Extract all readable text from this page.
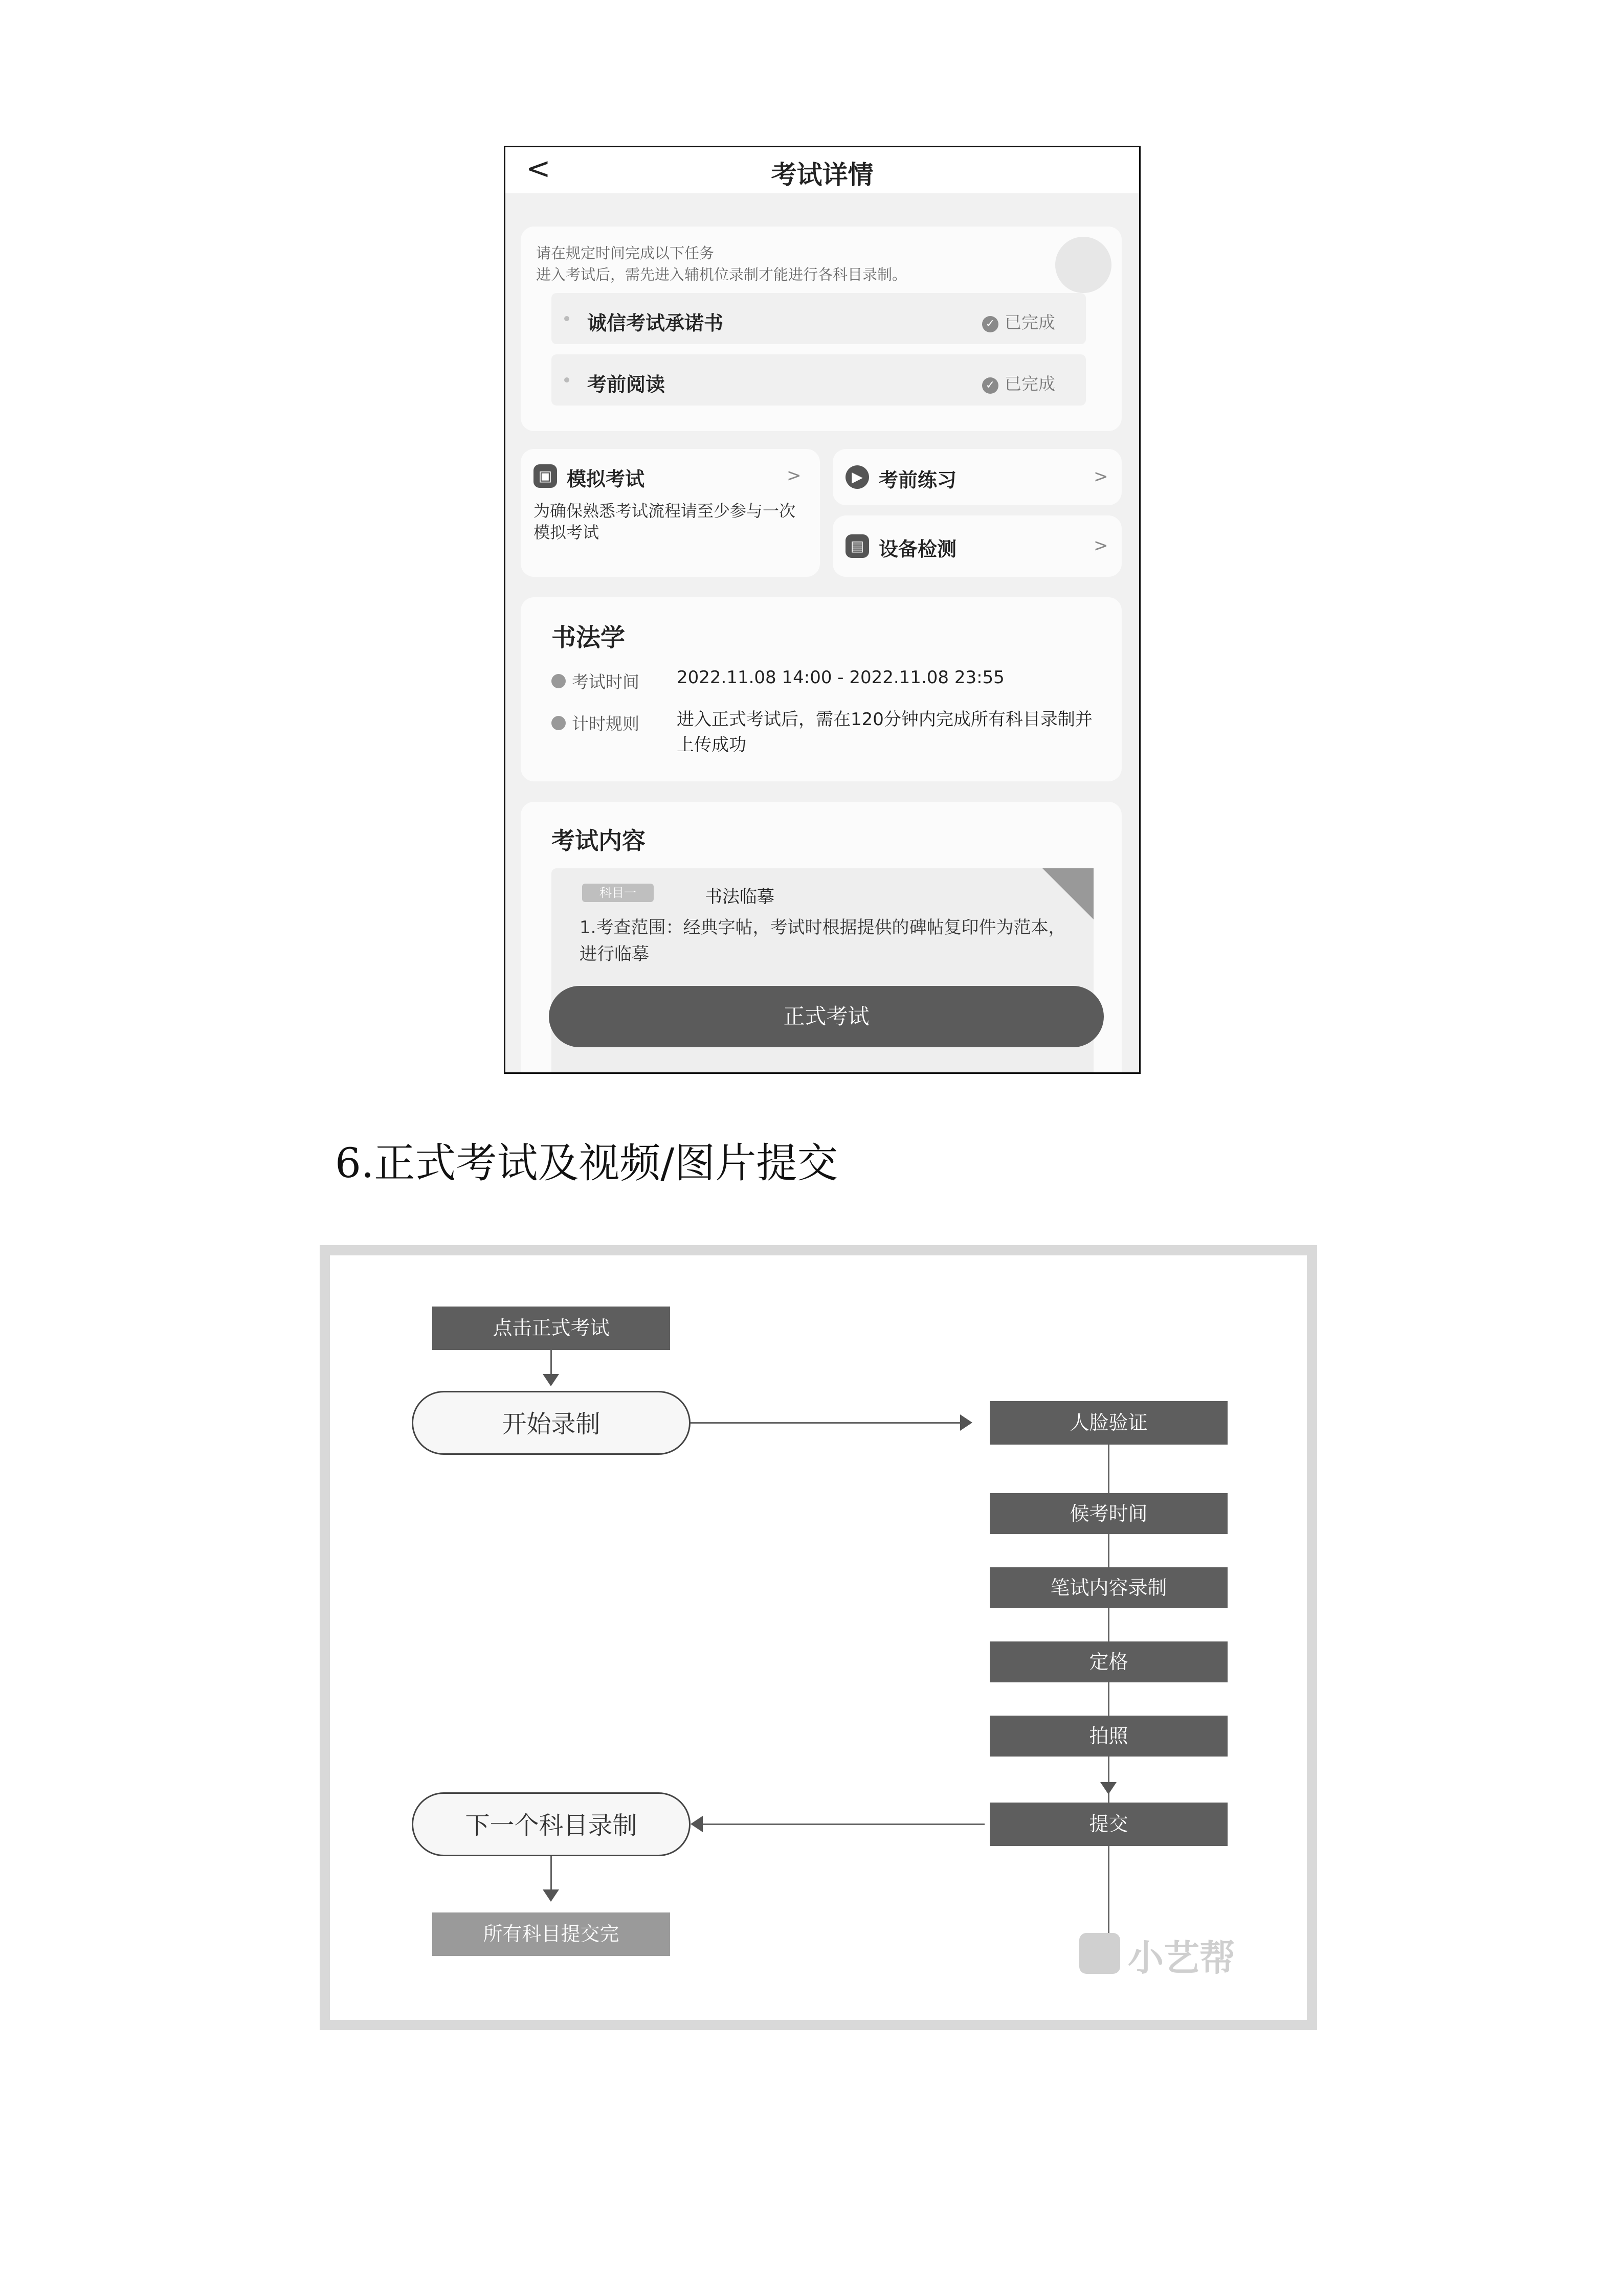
<	考试详情
请在规定时间完成以下任务
进入考试后，需先进入辅机位录制才能进行各科目录制。
诚信考试承诺书	✓ 已完成
考前阅读	✓ 已完成
▣ 模拟考试	>
为确保熟悉考试流程请至少参与一次模拟考试
▶ 考前练习	>
▤ 设备检测	>
书法学
考试时间 2022.11.08 14:00 - 2022.11.08 23:55
计时规则 进入正式考试后，需在120分钟内完成所有科目录制并上传成功
考试内容
科目一	书法临摹
1.考查范围：经典字帖，考试时根据提供的碑帖复印件为范本，进行临摹
正式考试
6.正式考试及视频/图片提交
点击正式考试
开始录制	人脸验证
候考时间
笔试内容录制
定格
拍照
提交
下一个科目录制
所有科目提交完
小艺帮
